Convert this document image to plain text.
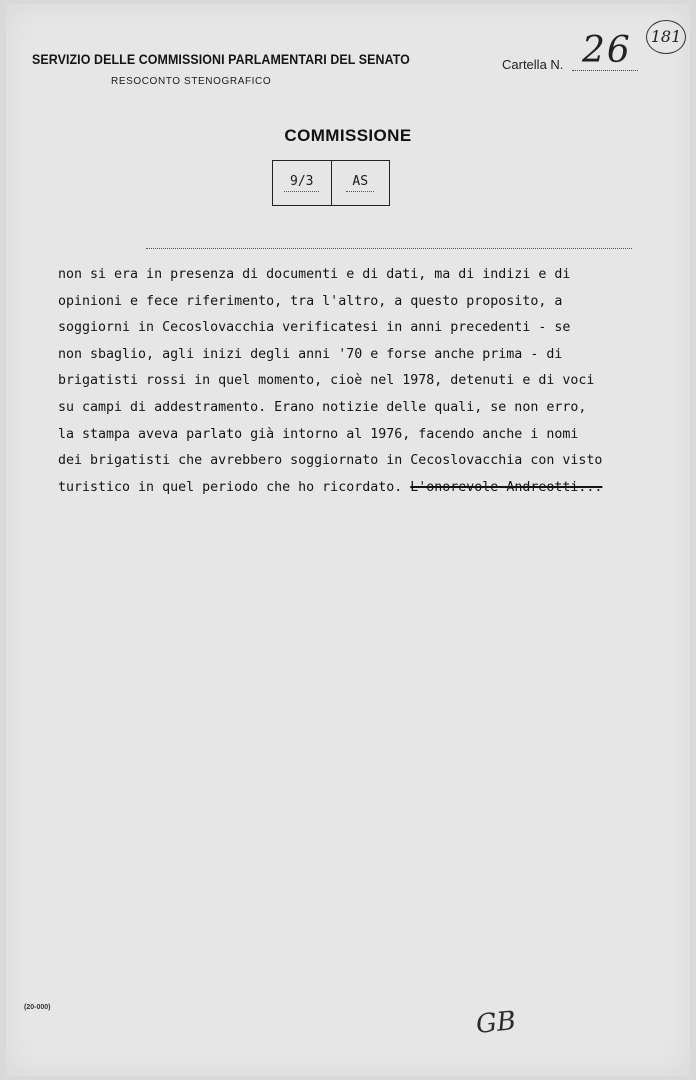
SERVIZIO DELLE COMMISSIONI PARLAMENTARI DEL SENATO
RESOCONTO STENOGRAFICO
Cartella N. 26 181
COMMISSIONE
9/3	AS
non si era in presenza di documenti e di dati, ma di indizi e di
opinioni e fece riferimento, tra l'altro, a questo proposito, a
soggiorni in Cecoslovacchia verificatesi in anni precedenti - se
non sbaglio, agli inizi degli anni '70 e forse anche prima - di
brigatisti rossi in quel momento, cioè nel 1978, detenuti e di voci
su campi di addestramento. Erano notizie delle quali, se non erro,
la stampa aveva parlato già intorno al 1976, facendo anche i nomi
dei brigatisti che avrebbero soggiornato in Cecoslovacchia con visto
turistico in quel periodo che ho ricordato. L'onorevole Andreotti...
(20-000)	GB
